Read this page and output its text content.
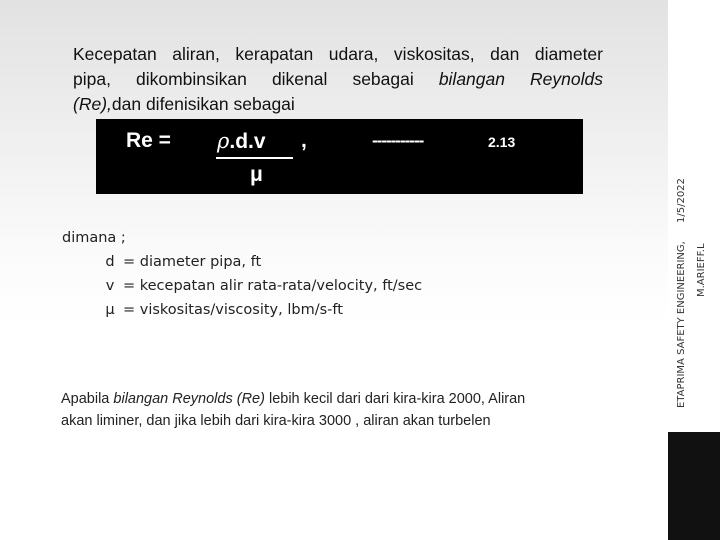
Kecepatan aliran, kerapatan udara, viskositas, dan diameter
pipa, dikombinsikan dikenal sebagai bilangan Reynolds
(Re),dan difenisikan sebagai
Re = ρ.d.v ,	-----------	2.13
μ
dimana ;
d = diameter pipa, ft
v = kecepatan alir rata-rata/velocity, ft/sec
μ = viskositas/viscosity, lbm/s-ft
Apabila bilangan Reynolds (Re) lebih kecil dari dari kira-kira 2000, Aliran
akan liminer, dan jika lebih dari kira-kira 3000 , aliran akan turbelen
1/5/2022
ETAPRIMA SAFETY ENGINEERING, M.ARIEFF.L
